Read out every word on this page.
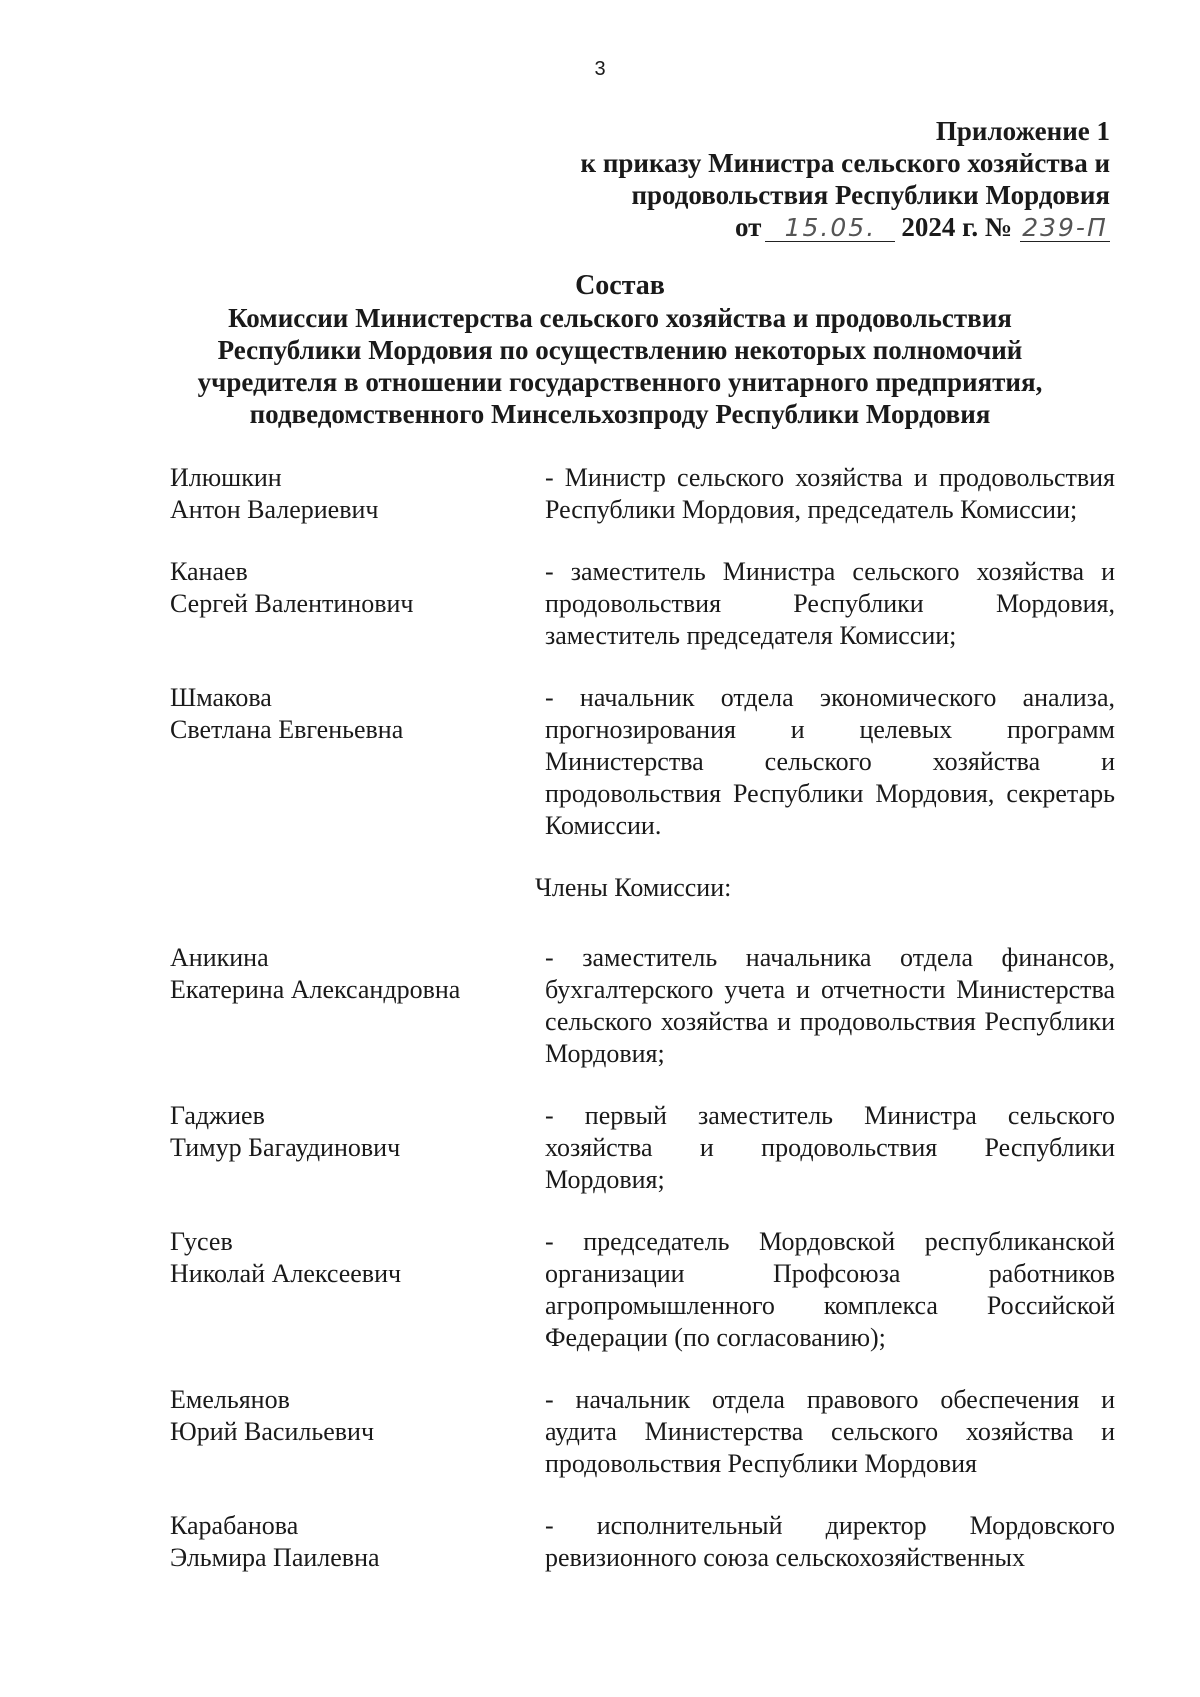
3
Приложение 1
к приказу Министра сельского хозяйства и
продовольствия Республики Мордовия
от 15.05. 2024 г. № 239-П
Состав
Комиссии Министерства сельского хозяйства и продовольствия
Республики Мордовия по осуществлению некоторых полномочий
учредителя в отношении государственного унитарного предприятия,
подведомственного Минсельхозпроду Республики Мордовия
Илюшкин
Антон Валериевич
- Министр сельского хозяйства и продовольствия Республики Мордовия, председатель Комиссии;
Канаев
Сергей Валентинович
- заместитель Министра сельского хозяйства и продовольствия Республики Мордовия, заместитель председателя Комиссии;
Шмакова
Светлана Евгеньевна
- начальник отдела экономического анализа, прогнозирования и целевых программ Министерства сельского хозяйства и продовольствия Республики Мордовия, секретарь Комиссии.
Члены Комиссии:
Аникина
Екатерина Александровна
- заместитель начальника отдела финансов, бухгалтерского учета и отчетности Министерства сельского хозяйства и продовольствия Республики Мордовия;
Гаджиев
Тимур Багаудинович
- первый заместитель Министра сельского хозяйства и продовольствия Республики Мордовия;
Гусев
Николай Алексеевич
- председатель Мордовской республиканской организации Профсоюза работников агропромышленного комплекса Российской Федерации (по согласованию);
Емельянов
Юрий Васильевич
- начальник отдела правового обеспечения и аудита Министерства сельского хозяйства и продовольствия Республики Мордовия
Карабанова
Эльмира Паилевна
- исполнительный директор Мордовского ревизионного союза сельскохозяйственных
